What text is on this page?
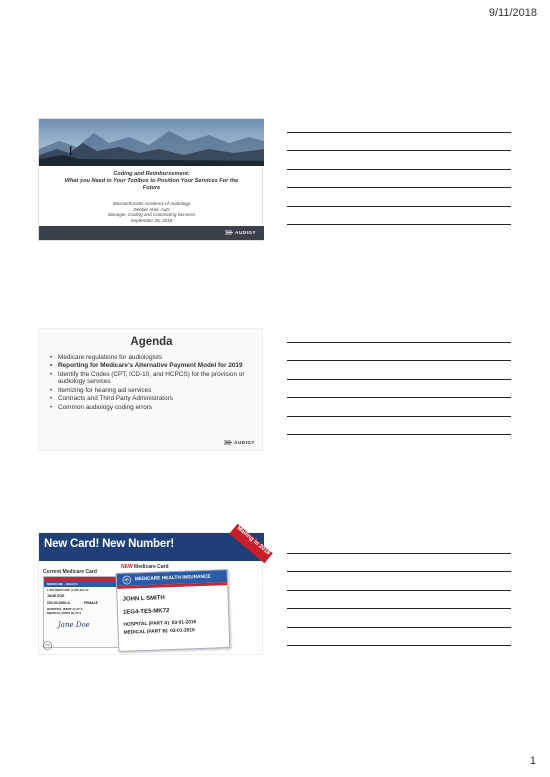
9/11/2018
Coding and Reimbursement:
What you Need in Your Toolbox to Position Your Services For the
Future
Massachusetts Academy of Audiology
Debbie Abel, AuD
Manager, Coding and Contracting Services
September 28, 2018
AUDIGY
Agenda
• Medicare regulations for audiologists
• Reporting for Medicare's Alternative Payment Model for 2019
• Identify the Codes (CPT, ICD-10, and HCPCS) for the provision or audiology services
• Itemizing for hearing aid services
• Contracts and Third Party Administrators
• Common audiology coding errors
AUDIGY
New Card! New Number!	Mailing in 2018
Current Medicare Card
MEDICARE · HEALTH
1-800-MEDICARE (1-800-633-42
JANE DOE
000-00-0000-A	FEMALE
HOSPITAL (PART A) 07-0
MEDICAL (PART B) 07-0
Jane Doe
NEW Medicare Card
MEDICARE HEALTH INSURANCE
JOHN L SMITH
1EG4-TE5-MK72
HOSPITAL (PART A) 03-01-2016
MEDICAL (PART B) 03-01-2016
1
